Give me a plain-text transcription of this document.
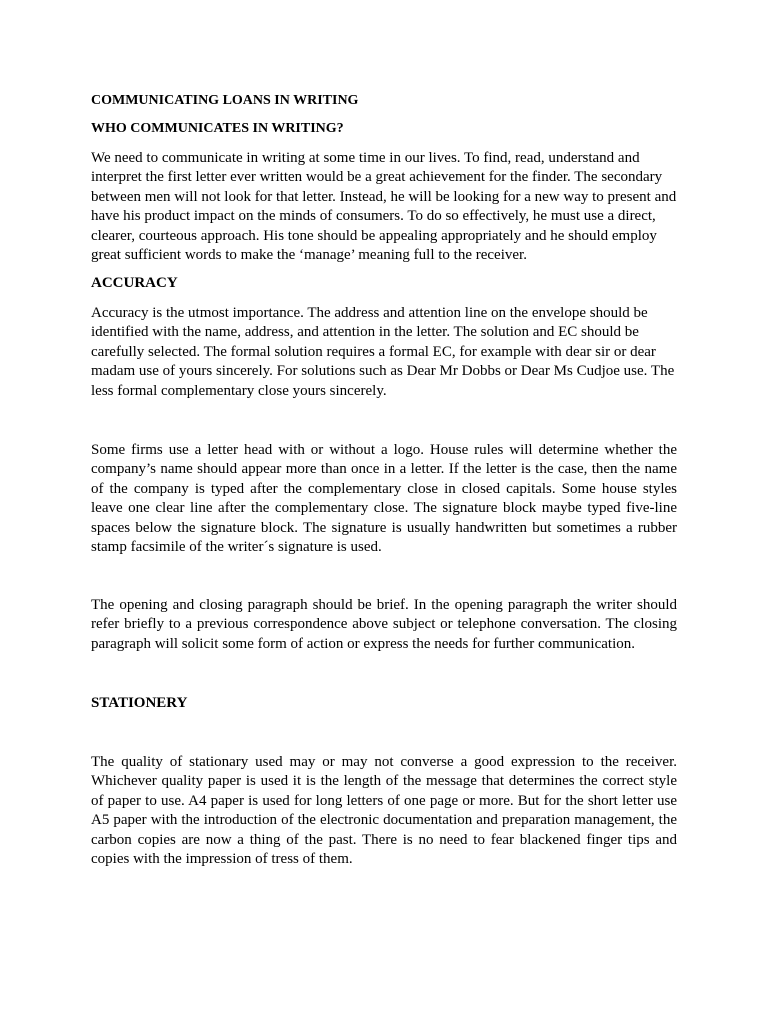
COMMUNICATING LOANS IN WRITING

WHO COMMUNICATES IN WRITING?

We need to communicate in writing at some time in our lives. To find, read, understand and interpret the first letter ever written would be a great achievement for the finder. The secondary between men will not look for that letter. Instead, he will be looking for a new way to present and have his product impact on the minds of consumers. To do so effectively, he must use a direct, clearer, courteous approach. His tone should be appealing appropriately and he should employ great sufficient words to make the ‘manage’ meaning full to the receiver.

ACCURACY

Accuracy is the utmost importance. The address and attention line on the envelope should be identified with the name, address, and attention in the letter. The solution and EC should be carefully selected. The formal solution requires a formal EC, for example with dear sir or dear madam use of yours sincerely. For solutions such as Dear Mr Dobbs or Dear Ms Cudjoe use. The less formal complementary close yours sincerely.

Some firms use a letter head with or without a logo. House rules will determine whether the company’s name should appear more than once in a letter. If the letter is the case, then the name of the company is typed after the complementary close in closed capitals. Some house styles leave one clear line after the complementary close. The signature block maybe typed five-line spaces below the signature block. The signature is usually handwritten but sometimes a rubber stamp facsimile of the writer´s signature is used.

The opening and closing paragraph should be brief. In the opening paragraph the writer should refer briefly to a previous correspondence above subject or telephone conversation. The closing paragraph will solicit some form of action or express the needs for further communication.

STATIONERY

The quality of stationary used may or may not converse a good expression to the receiver. Whichever quality paper is used it is the length of the message that determines the correct style of paper to use. A4 paper is used for long letters of one page or more. But for the short letter use A5 paper with the introduction of the electronic documentation and preparation management, the carbon copies are now a thing of the past. There is no need to fear blackened finger tips and copies with the impression of tress of them.
